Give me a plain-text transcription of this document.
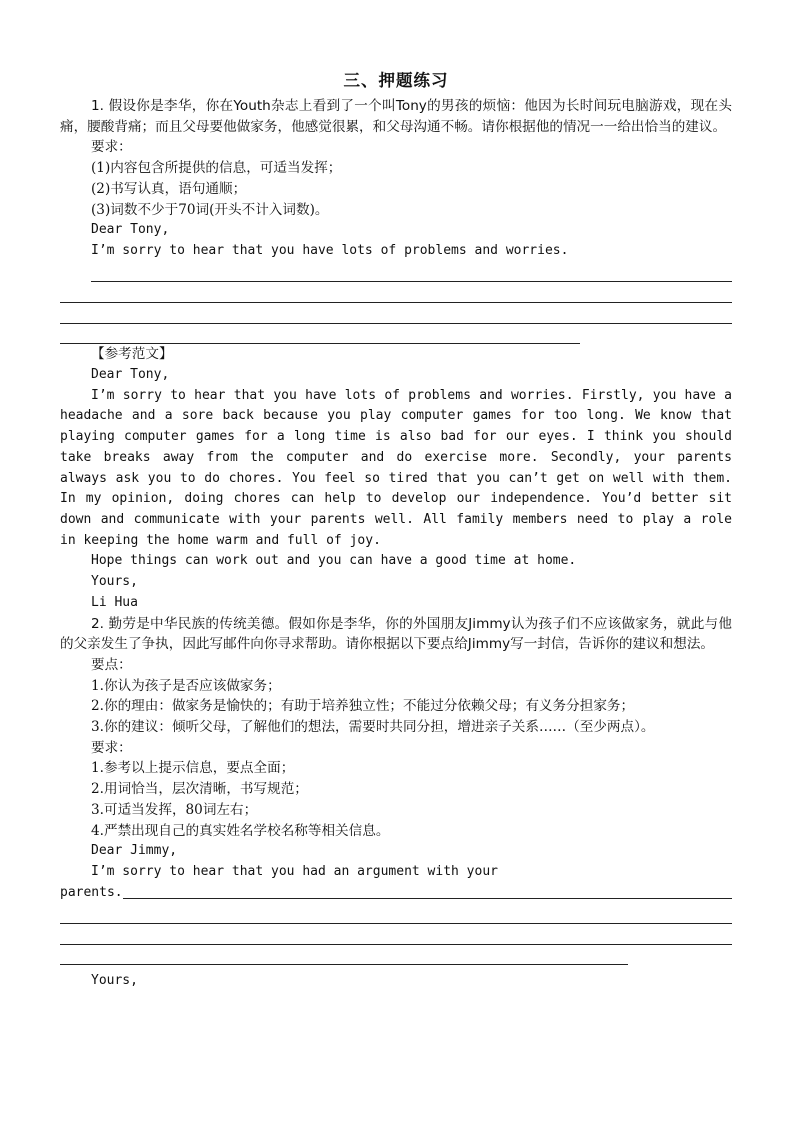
三、押题练习

1. 假设你是李华，你在Youth杂志上看到了一个叫Tony的男孩的烦恼：他因为长时间玩电脑游戏，现在头痛，腰酸背痛；而且父母要他做家务，他感觉很累，和父母沟通不畅。请你根据他的情况一一给出恰当的建议。

要求：

(1)内容包含所提供的信息，可适当发挥；

(2)书写认真，语句通顺；

(3)词数不少于70词(开头不计入词数)。

Dear Tony,

I’m sorry to hear that you have lots of problems and worries.

【参考范文】

Dear Tony,

I’m sorry to hear that you have lots of problems and worries. Firstly, you have a headache and a sore back because you play computer games for too long. We know that playing computer games for a long time is also bad for our eyes. I think you should take breaks away from the computer and do exercise more. Secondly, your parents always ask you to do chores. You feel so tired that you can’t get on well with them. In my opinion, doing chores can help to develop our independence. You’d better sit down and communicate with your parents well. All family members need to play a role in keeping the home warm and full of joy.

Hope things can work out and you can have a good time at home.

Yours,

Li Hua

2. 勤劳是中华民族的传统美德。假如你是李华，你的外国朋友Jimmy认为孩子们不应该做家务，就此与他的父亲发生了争执，因此写邮件向你寻求帮助。请你根据以下要点给Jimmy写一封信，告诉你的建议和想法。

要点：

1.你认为孩子是否应该做家务；

2.你的理由：做家务是愉快的；有助于培养独立性；不能过分依赖父母；有义务分担家务；

3.你的建议：倾听父母，了解他们的想法，需要时共同分担，增进亲子关系……（至少两点）。

要求：

1.参考以上提示信息，要点全面；

2.用词恰当，层次清晰，书写规范；

3.可适当发挥，80词左右；

4.严禁出现自己的真实姓名学校名称等相关信息。

Dear Jimmy,

I’m sorry to hear that you had an argument with your

parents.

Yours,
